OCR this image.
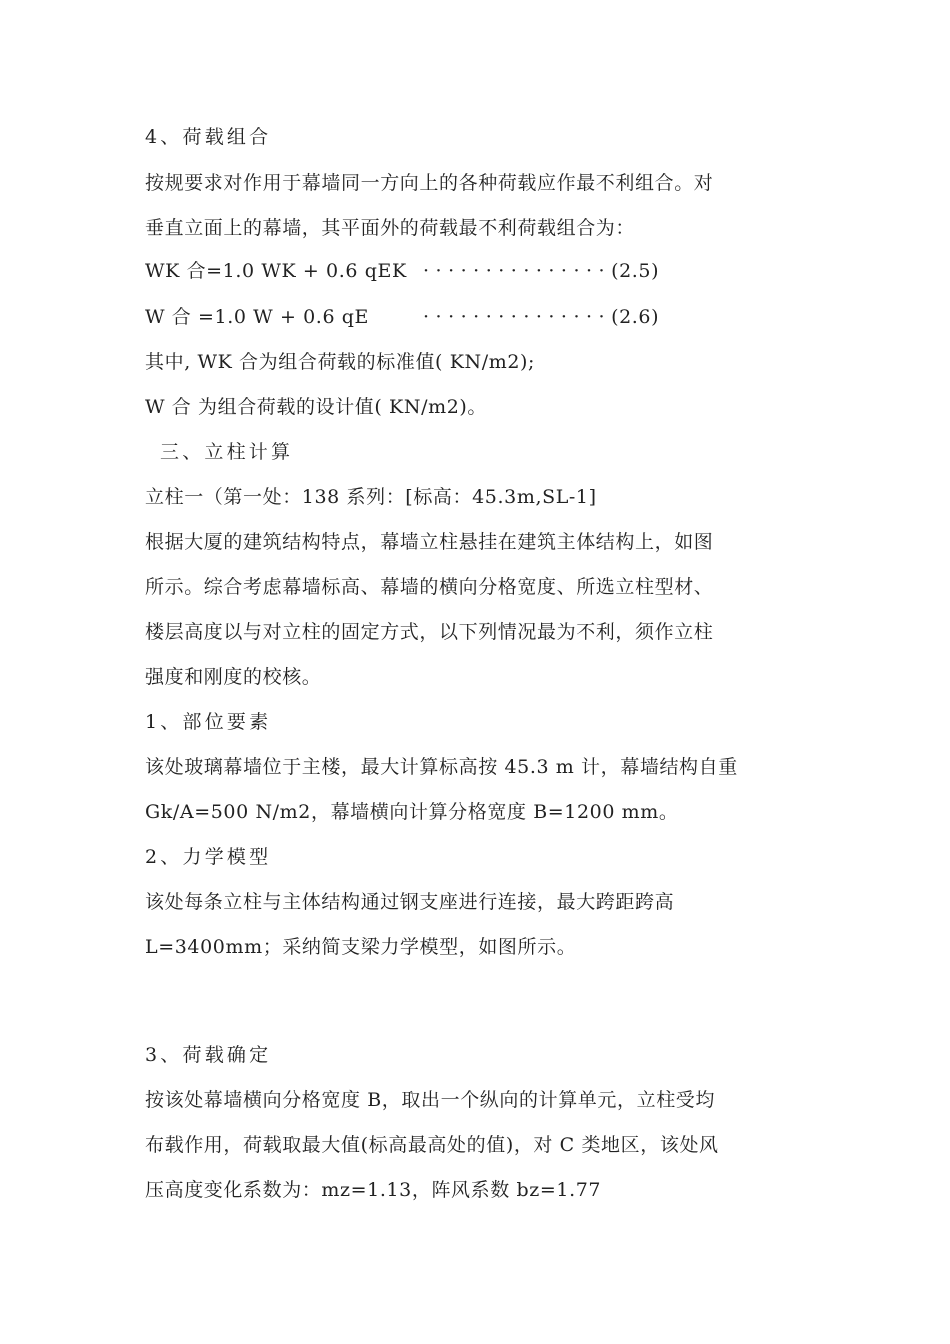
4、荷载组合
按规要求对作用于幕墙同一方向上的各种荷载应作最不利组合。对
垂直立面上的幕墙，其平面外的荷载最不利荷载组合为：
WK 合=1.0 WK + 0.6 qEK ···············(2.5)
W 合 =1.0 W + 0.6 qE	···············(2.6)
其中, WK 合为组合荷载的标准值( KN/m2);
W 合 为组合荷载的设计值( KN/m2)。
三、立柱计算
立柱一（第一处：138 系列：[标高：45.3m,SL-1]
根据大厦的建筑结构特点，幕墙立柱悬挂在建筑主体结构上，如图
所示。综合考虑幕墙标高、幕墙的横向分格宽度、所选立柱型材、
楼层高度以与对立柱的固定方式，以下列情况最为不利，须作立柱
强度和刚度的校核。
1、部位要素
该处玻璃幕墙位于主楼，最大计算标高按 45.3 m 计，幕墙结构自重
Gk/A=500 N/m2，幕墙横向计算分格宽度 B=1200 mm。
2、力学模型
该处每条立柱与主体结构通过钢支座进行连接，最大跨距跨高
L=3400mm；采纳简支梁力学模型，如图所示。
3、荷载确定
按该处幕墙横向分格宽度 B，取出一个纵向的计算单元，立柱受均
布载作用，荷载取最大值(标高最高处的值)，对 C 类地区，该处风
压高度变化系数为：mz=1.13，阵风系数 bz=1.77
